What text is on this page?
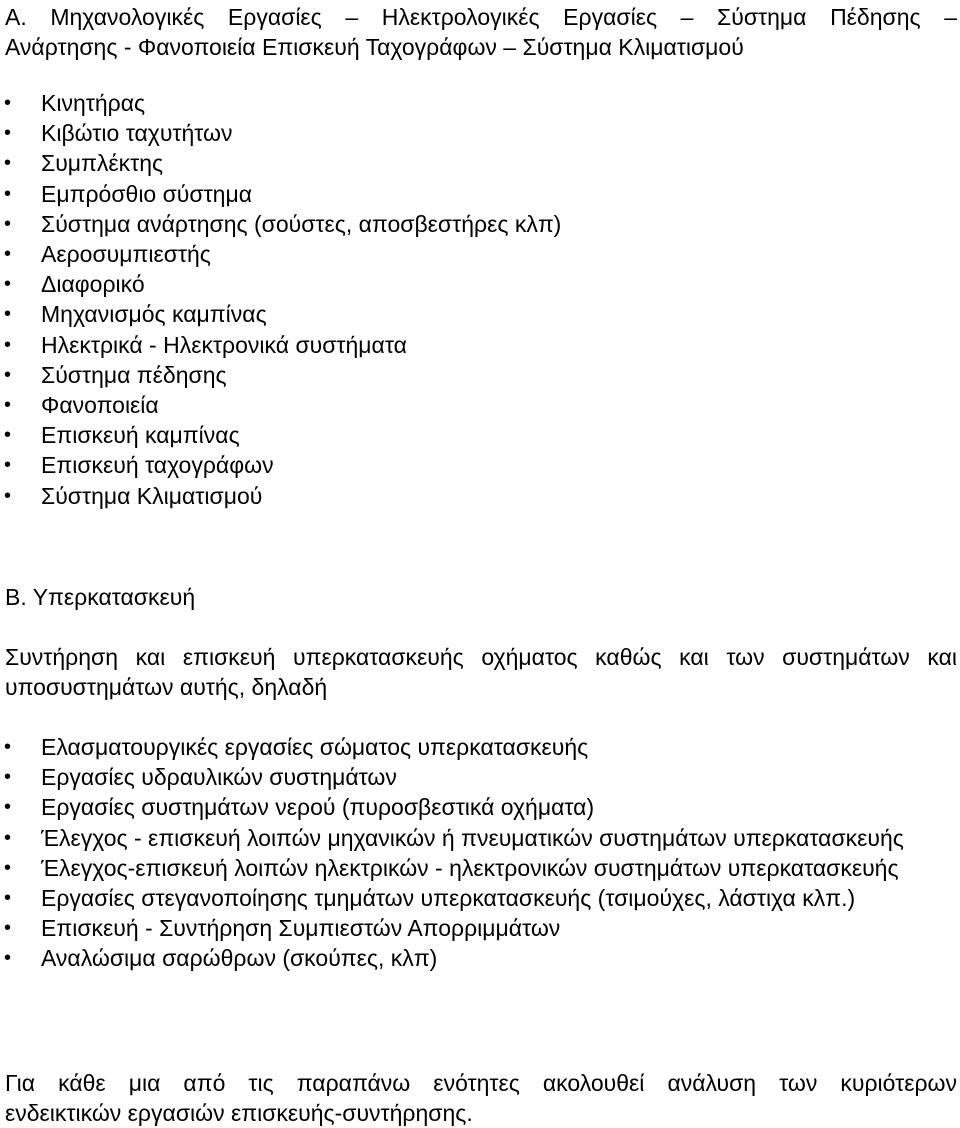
Α. Μηχανολογικές Εργασίες – Ηλεκτρολογικές Εργασίες – Σύστημα Πέδησης –
Ανάρτησης - Φανοποιεία Επισκευή Ταχογράφων – Σύστημα Κλιματισμού
•	Κινητήρας
•	Κιβώτιο ταχυτήτων
•	Συμπλέκτης
•	Εμπρόσθιο σύστημα
•	Σύστημα ανάρτησης (σούστες, αποσβεστήρες κλπ)
•	Αεροσυμπιεστής
•	Διαφορικό
•	Μηχανισμός καμπίνας
•	Ηλεκτρικά - Ηλεκτρονικά συστήματα
•	Σύστημα πέδησης
•	Φανοποιεία
•	Επισκευή καμπίνας
•	Επισκευή ταχογράφων
•	Σύστημα Κλιματισμού
Β. Υπερκατασκευή
Συντήρηση και επισκευή υπερκατασκευής οχήματος καθώς και των συστημάτων και
υποσυστημάτων αυτής, δηλαδή
•	Ελασματουργικές εργασίες σώματος υπερκατασκευής
•	Εργασίες υδραυλικών συστημάτων
•	Εργασίες συστημάτων νερού (πυροσβεστικά οχήματα)
•	Έλεγχος - επισκευή λοιπών μηχανικών ή πνευματικών συστημάτων υπερκατασκευής
•	Έλεγχος-επισκευή λοιπών ηλεκτρικών - ηλεκτρονικών συστημάτων υπερκατασκευής
•	Εργασίες στεγανοποίησης τμημάτων υπερκατασκευής (τσιμούχες, λάστιχα κλπ.)
•	Επισκευή - Συντήρηση Συμπιεστών Απορριμμάτων
•	Αναλώσιμα σαρώθρων (σκούπες, κλπ)
Για κάθε μια από τις παραπάνω ενότητες ακολουθεί ανάλυση των κυριότερων
ενδεικτικών εργασιών επισκευής-συντήρησης.
